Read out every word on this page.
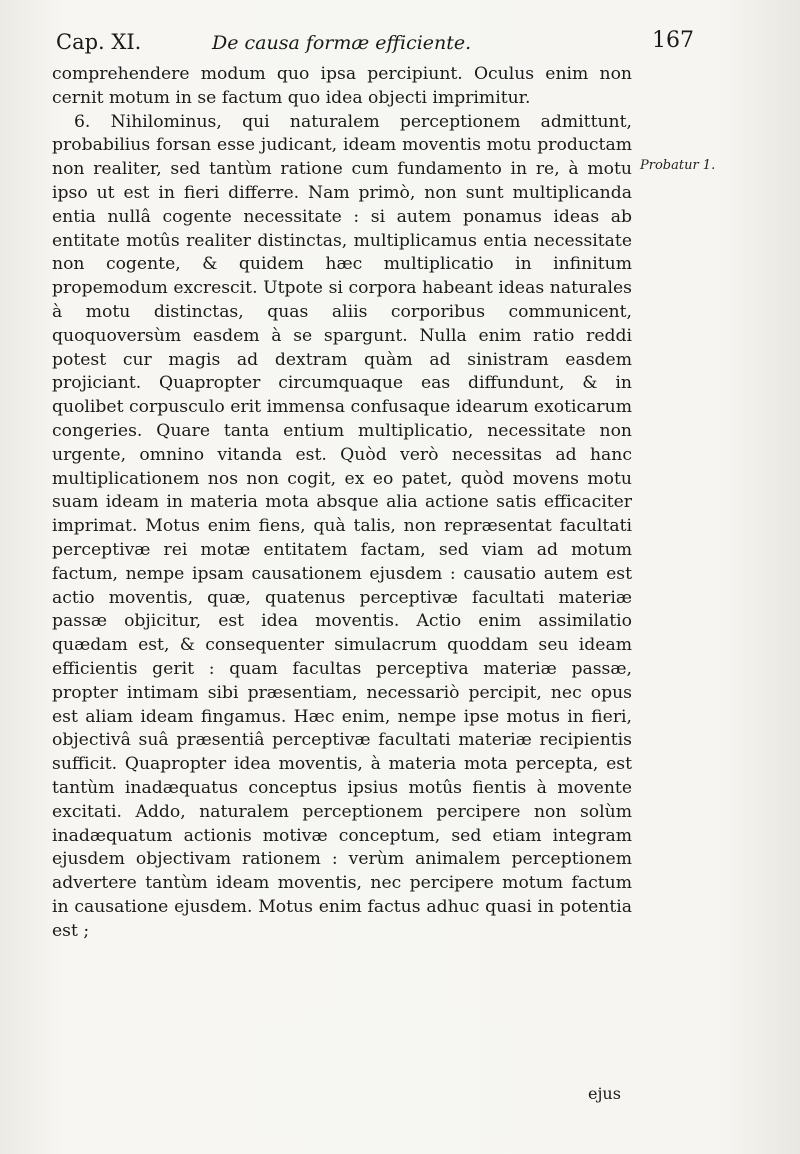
Cap. XI.	De causa formæ efficiente.	167
Probatur 1.

comprehendere modum quo ipsa percipiunt. Oculus enim non cernit motum in se factum quo idea objecti imprimitur.

6. Nihilominus, qui naturalem perceptionem admittunt, probabilius forsan esse judicant, ideam moventis motu productam non realiter, sed tantùm ratione cum fundamento in re, à motu ipso ut est in fieri differre. Nam primò, non sunt multiplicanda entia nullâ cogente necessitate : si autem ponamus ideas ab entitate motûs realiter distinctas, multiplicamus entia necessitate non cogente, & quidem hæc multiplicatio in infinitum propemodum excrescit. Utpote si corpora habeant ideas naturales à motu distinctas, quas aliis corporibus communicent, quoquoversùm easdem à se spargunt. Nulla enim ratio reddi potest cur magis ad dextram quàm ad sinistram easdem projiciant. Quapropter circumquaque eas diffundunt, & in quolibet corpusculo erit immensa confusaque idearum exoticarum congeries. Quare tanta entium multiplicatio, necessitate non urgente, omnino vitanda est. Quòd verò necessitas ad hanc multiplicationem nos non cogit, ex eo patet, quòd movens motu suam ideam in materia mota absque alia actione satis efficaciter imprimat. Motus enim fiens, quà talis, non repræsentat facultati perceptivæ rei motæ entitatem factam, sed viam ad motum factum, nempe ipsam causationem ejusdem : causatio autem est actio moventis, quæ, quatenus perceptivæ facultati materiæ passæ objicitur, est idea moventis. Actio enim assimilatio quædam est, & consequenter simulacrum quoddam seu ideam efficientis gerit : quam facultas perceptiva materiæ passæ, propter intimam sibi præsentiam, necessariò percipit, nec opus est aliam ideam fingamus. Hæc enim, nempe ipse motus in fieri, objectivâ suâ præsentiâ perceptivæ facultati materiæ recipientis sufficit. Quapropter idea moventis, à materia mota percepta, est tantùm inadæquatus conceptus ipsius motûs fientis à movente excitati. Addo, naturalem perceptionem percipere non solùm inadæquatum actionis motivæ conceptum, sed etiam integram ejusdem objectivam rationem : verùm animalem perceptionem advertere tantùm ideam moventis, nec percipere motum factum in causatione ejusdem. Motus enim factus adhuc quasi in potentia est ;

ejus
